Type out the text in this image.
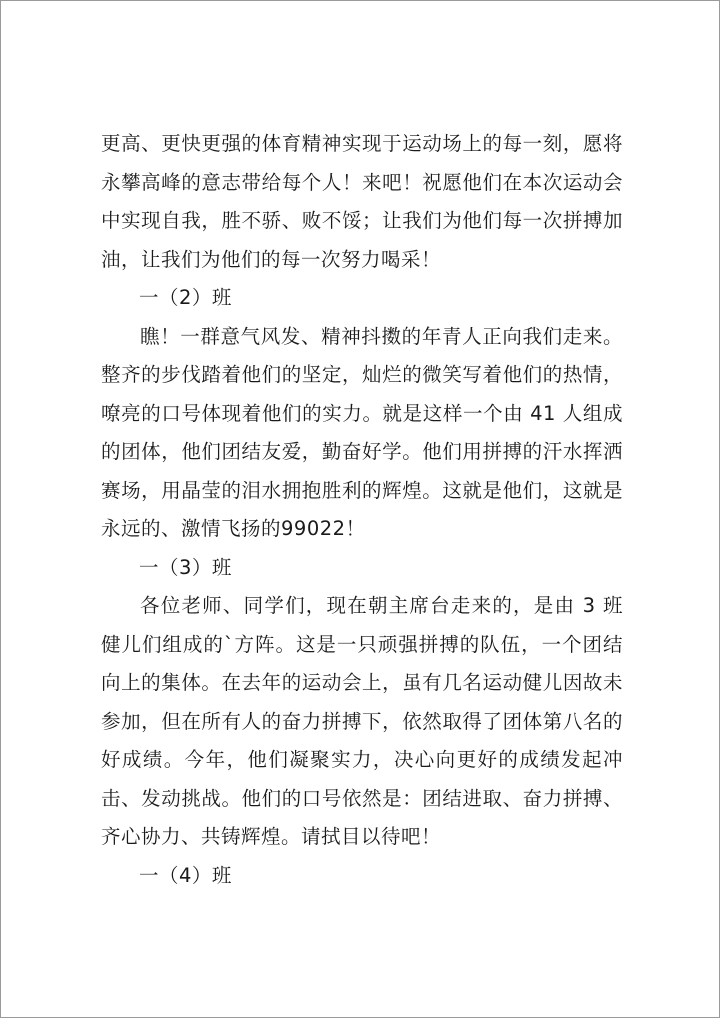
更高、更快更强的体育精神实现于运动场上的每一刻，愿将永攀高峰的意志带给每个人！来吧！祝愿他们在本次运动会中实现自我，胜不骄、败不馁；让我们为他们每一次拼搏加油，让我们为他们的每一次努力喝采！

一（2）班

瞧！一群意气风发、精神抖擞的年青人正向我们走来。整齐的步伐踏着他们的坚定，灿烂的微笑写着他们的热情，嘹亮的口号体现着他们的实力。就是这样一个由 41 人组成的团体，他们团结友爱，勤奋好学。他们用拼搏的汗水挥洒赛场，用晶莹的泪水拥抱胜利的辉煌。这就是他们，这就是永远的、激情飞扬的99022！

一（3）班

各位老师、同学们，现在朝主席台走来的，是由 3 班健儿们组成的`方阵。这是一只顽强拼搏的队伍，一个团结向上的集体。在去年的运动会上，虽有几名运动健儿因故未参加，但在所有人的奋力拼搏下，依然取得了团体第八名的好成绩。今年，他们凝聚实力，决心向更好的成绩发起冲击、发动挑战。他们的口号依然是：团结进取、奋力拼搏、齐心协力、共铸辉煌。请拭目以待吧！

一（4）班
